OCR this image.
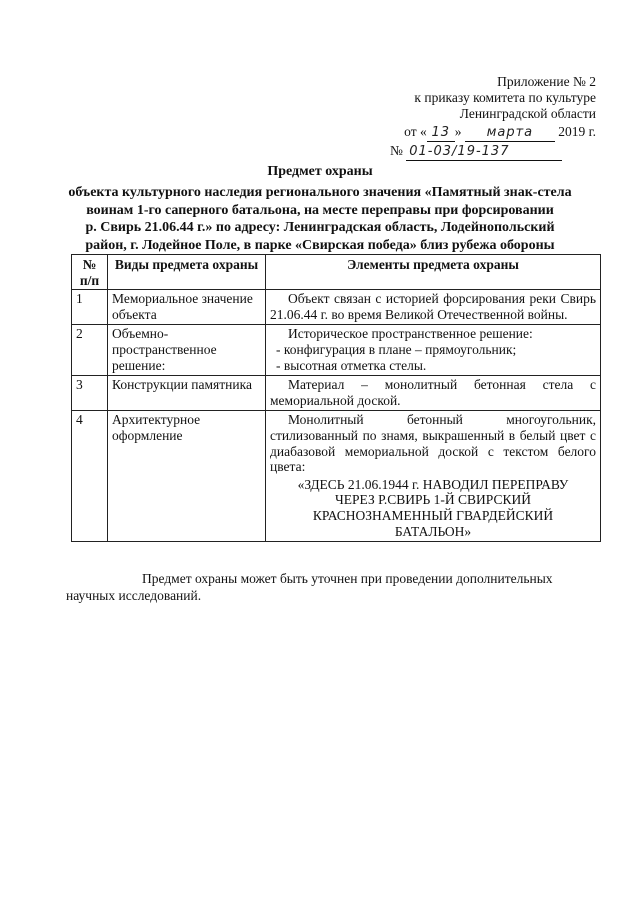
Приложение № 2
к приказу комитета по культуре
Ленинградской области
от « 13 » марта 2019 г.
№ 01-03/19-137
Предмет охраны
объекта культурного наследия регионального значения «Памятный знак-стела
воинам 1-го саперного батальона, на месте переправы при форсировании
р. Свирь 21.06.44 г.» по адресу: Ленинградская область, Лодейнопольский
район, г. Лодейное Поле, в парке «Свирская победа» близ рубежа обороны
№ п/п	Виды предмета охраны	Элементы предмета охраны
1	Мемориальное значение объекта	Объект связан с историей форсирования реки Свирь 21.06.44 г. во время Великой Отечественной войны.

2	Объемно-пространственное решение:	Историческое пространственное решение:
- конфигурация в плане – прямоугольник;
- высотная отметка стелы.

3	Конструкции памятника	Материал – монолитный бетонная стела с мемориальной доской.

4	Архитектурное оформление	Монолитный бетонный многоугольник, стилизованный по знамя, выкрашенный в белый цвет с диабазовой мемориальной доской с текстом белого цвета:
«ЗДЕСЬ 21.06.1944 г. НАВОДИЛ ПЕРЕПРАВУ ЧЕРЕЗ Р.СВИРЬ 1-Й СВИРСКИЙ КРАСНОЗНАМЕННЫЙ ГВАРДЕЙСКИЙ БАТАЛЬОН»
Предмет охраны может быть уточнен при проведении дополнительных
научных исследований.
